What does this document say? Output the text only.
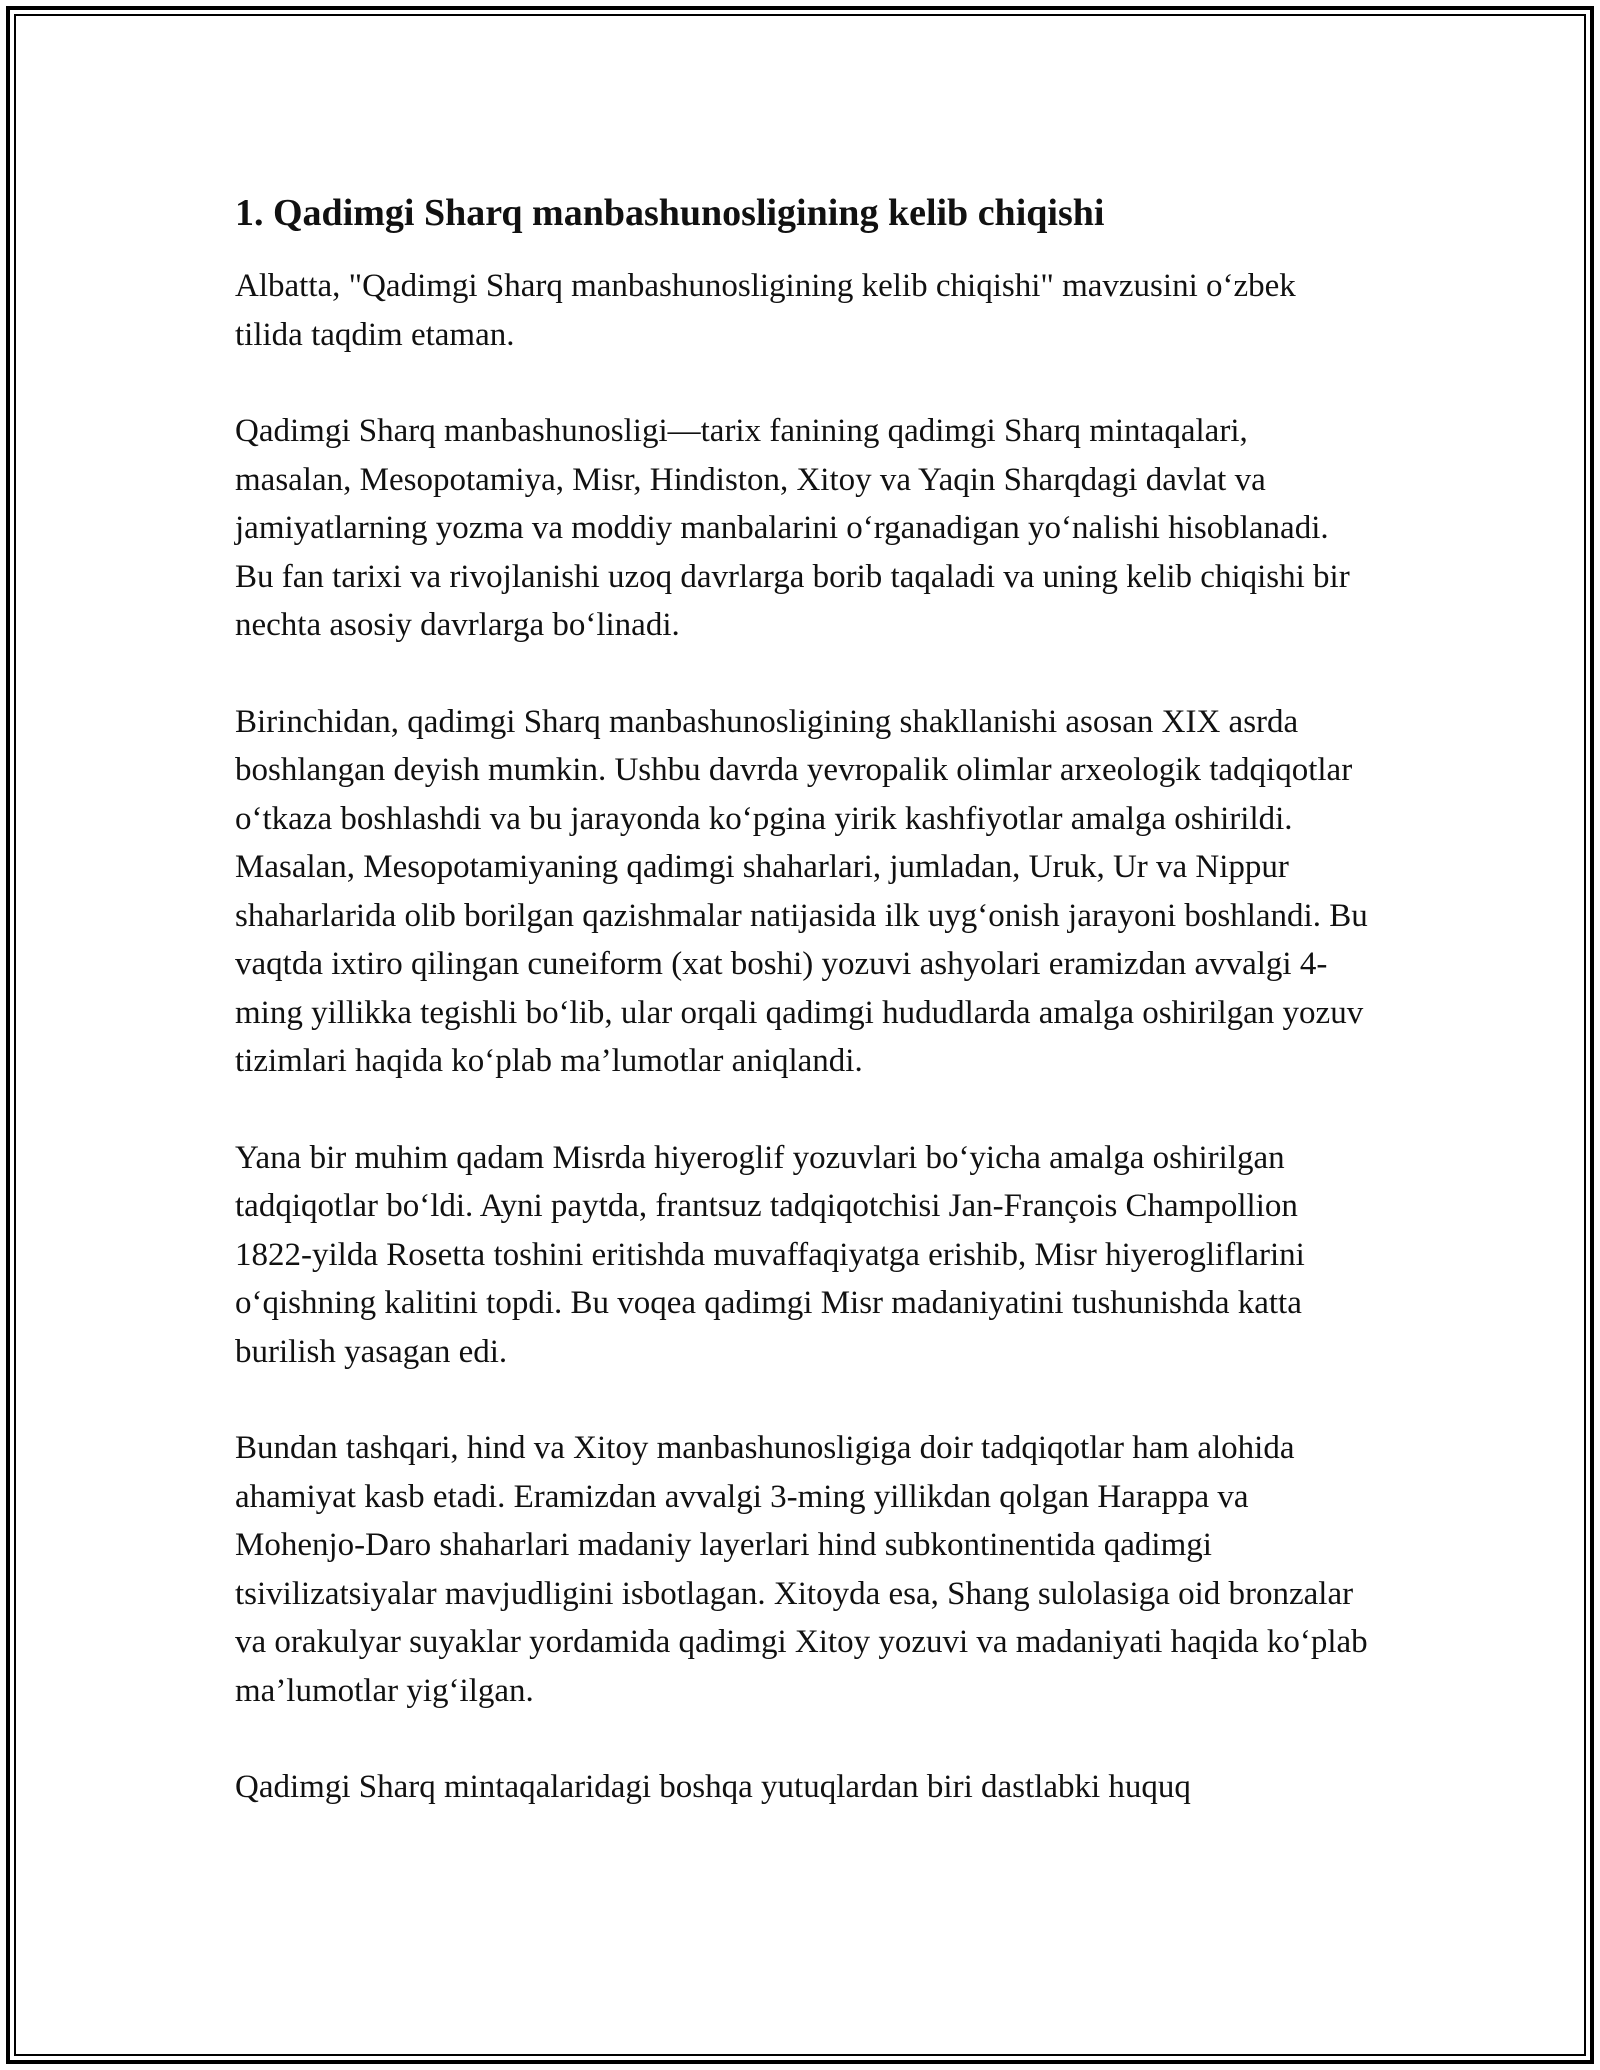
1. Qadimgi Sharq manbashunosligining kelib chiqishi

Albatta, "Qadimgi Sharq manbashunosligining kelib chiqishi" mavzusini o‘zbek tilida taqdim etaman.

Qadimgi Sharq manbashunosligi—tarix fanining qadimgi Sharq mintaqalari, masalan, Mesopotamiya, Misr, Hindiston, Xitoy va Yaqin Sharqdagi davlat va jamiyatlarning yozma va moddiy manbalarini o‘rganadigan yo‘nalishi hisoblanadi. Bu fan tarixi va rivojlanishi uzoq davrlarga borib taqaladi va uning kelib chiqishi bir nechta asosiy davrlarga bo‘linadi.

Birinchidan, qadimgi Sharq manbashunosligining shakllanishi asosan XIX asrda boshlangan deyish mumkin. Ushbu davrda yevropalik olimlar arxeologik tadqiqotlar o‘tkaza boshlashdi va bu jarayonda ko‘pgina yirik kashfiyotlar amalga oshirildi. Masalan, Mesopotamiyaning qadimgi shaharlari, jumladan, Uruk, Ur va Nippur shaharlarida olib borilgan qazishmalar natijasida ilk uyg‘onish jarayoni boshlandi. Bu vaqtda ixtiro qilingan cuneiform (xat boshi) yozuvi ashyolari eramizdan avvalgi 4-ming yillikka tegishli bo‘lib, ular orqali qadimgi hududlarda amalga oshirilgan yozuv tizimlari haqida ko‘plab ma’lumotlar aniqlandi.

Yana bir muhim qadam Misrda hiyeroglif yozuvlari bo‘yicha amalga oshirilgan tadqiqotlar bo‘ldi. Ayni paytda, frantsuz tadqiqotchisi Jan-François Champollion 1822-yilda Rosetta toshini eritishda muvaffaqiyatga erishib, Misr hiyerogliflarini o‘qishning kalitini topdi. Bu voqea qadimgi Misr madaniyatini tushunishda katta burilish yasagan edi.

Bundan tashqari, hind va Xitoy manbashunosligiga doir tadqiqotlar ham alohida ahamiyat kasb etadi. Eramizdan avvalgi 3-ming yillikdan qolgan Harappa va Mohenjo-Daro shaharlari madaniy layerlari hind subkontinentida qadimgi tsivilizatsiyalar mavjudligini isbotlagan. Xitoyda esa, Shang sulolasiga oid bronzalar va orakulyar suyaklar yordamida qadimgi Xitoy yozuvi va madaniyati haqida ko‘plab ma’lumotlar yig‘ilgan.

Qadimgi Sharq mintaqalaridagi boshqa yutuqlardan biri dastlabki huquq
